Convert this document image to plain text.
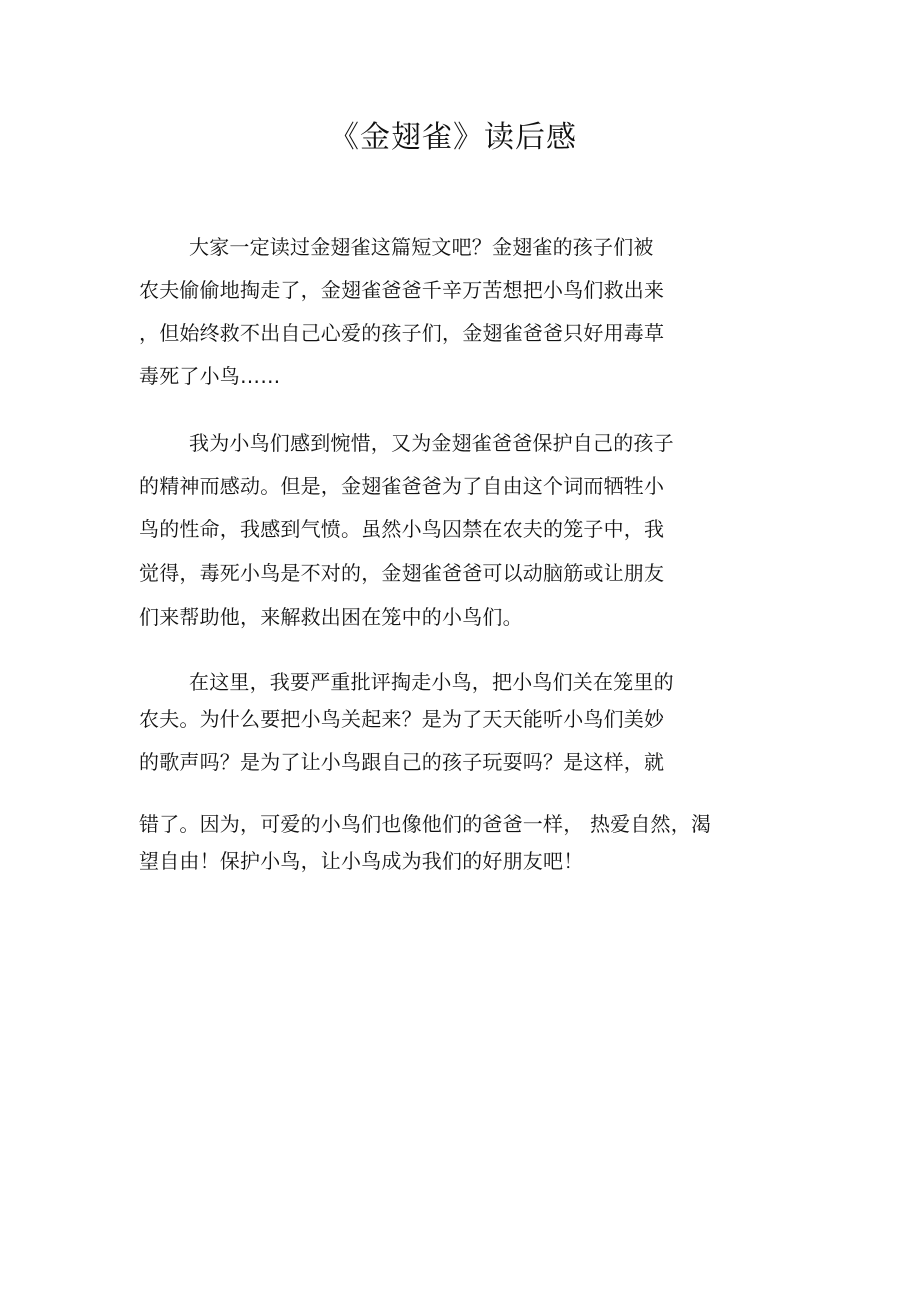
《金翅雀》读后感
大家一定读过金翅雀这篇短文吧？金翅雀的孩子们被
农夫偷偷地掏走了，金翅雀爸爸千辛万苦想把小鸟们救出来
，但始终救不出自己心爱的孩子们，金翅雀爸爸只好用毒草
毒死了小鸟……
我为小鸟们感到惋惜，又为金翅雀爸爸保护自己的孩子
的精神而感动。但是，金翅雀爸爸为了自由这个词而牺牲小
鸟的性命，我感到气愤。虽然小鸟囚禁在农夫的笼子中，我
觉得，毒死小鸟是不对的，金翅雀爸爸可以动脑筋或让朋友
们来帮助他，来解救出困在笼中的小鸟们。
在这里，我要严重批评掏走小鸟，把小鸟们关在笼里的
农夫。为什么要把小鸟关起来？是为了天天能听小鸟们美妙
的歌声吗？是为了让小鸟跟自己的孩子玩耍吗？是这样，就
错了。因为，可爱的小鸟们也像他们的爸爸一样， 热爱自然，渴
望自由！保护小鸟，让小鸟成为我们的好朋友吧！
